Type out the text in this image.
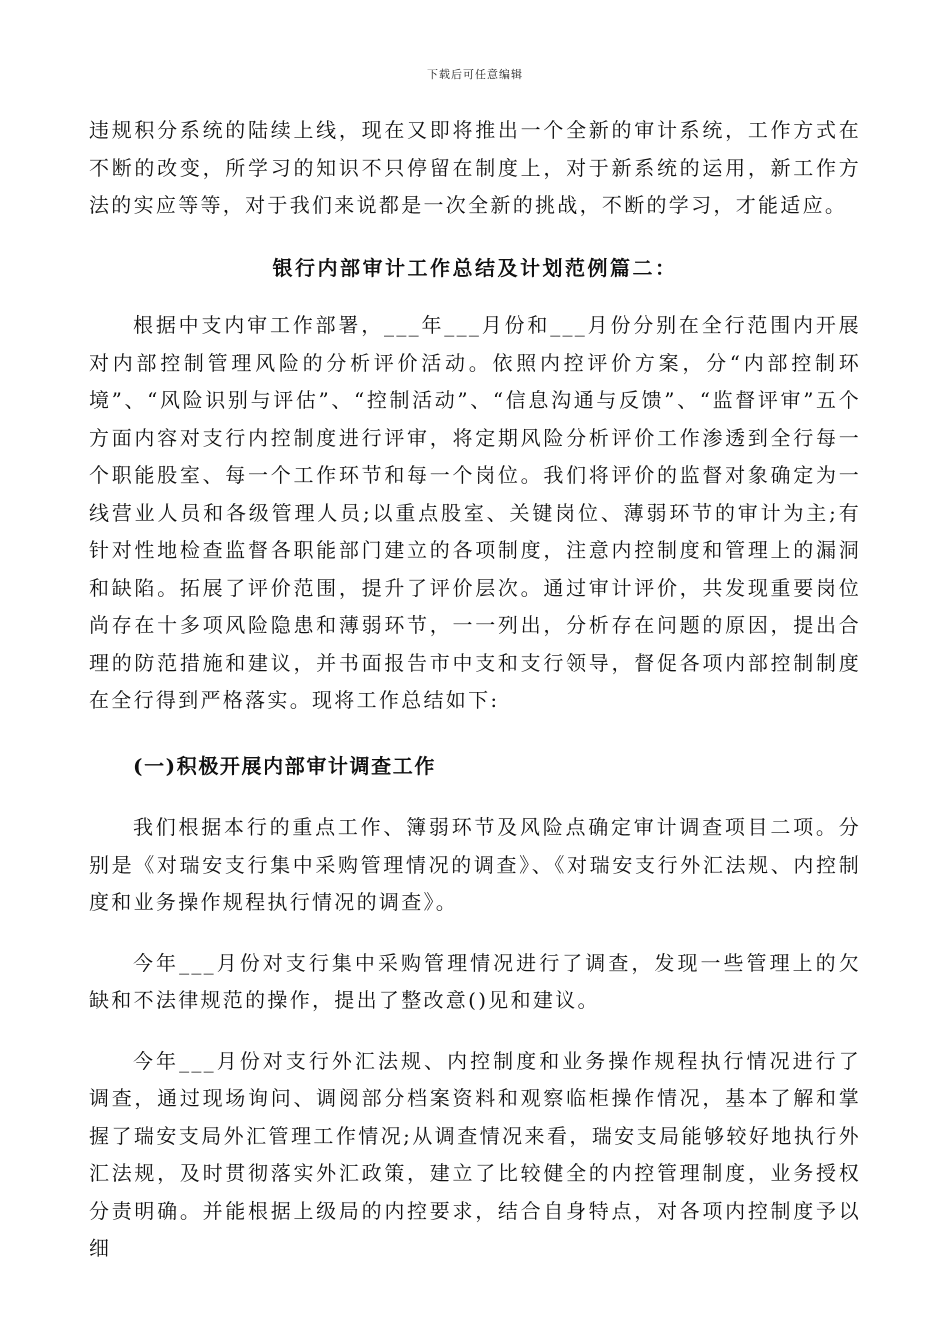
下载后可任意编辑

违规积分系统的陆续上线，现在又即将推出一个全新的审计系统，工作方式在不断的改变，所学习的知识不只停留在制度上，对于新系统的运用，新工作方法的实应等等，对于我们来说都是一次全新的挑战，不断的学习，才能适应。

银行内部审计工作总结及计划范例篇二：

根据中支内审工作部署，___年___月份和___月份分别在全行范围内开展对内部控制管理风险的分析评价活动。依照内控评价方案，分“内部控制环境”、“风险识别与评估”、“控制活动”、“信息沟通与反馈”、“监督评审”五个方面内容对支行内控制度进行评审，将定期风险分析评价工作渗透到全行每一个职能股室、每一个工作环节和每一个岗位。我们将评价的监督对象确定为一线营业人员和各级管理人员;以重点股室、关键岗位、薄弱环节的审计为主;有针对性地检查监督各职能部门建立的各项制度，注意内控制度和管理上的漏洞和缺陷。拓展了评价范围，提升了评价层次。通过审计评价，共发现重要岗位尚存在十多项风险隐患和薄弱环节，一一列出，分析存在问题的原因，提出合理的防范措施和建议，并书面报告市中支和支行领导，督促各项内部控制制度在全行得到严格落实。现将工作总结如下:

(一)积极开展内部审计调查工作

我们根据本行的重点工作、簿弱环节及风险点确定审计调查项目二项。分别是《对瑞安支行集中采购管理情况的调查》、《对瑞安支行外汇法规、内控制度和业务操作规程执行情况的调查》。

今年___月份对支行集中采购管理情况进行了调查，发现一些管理上的欠缺和不法律规范的操作，提出了整改意()见和建议。

今年___月份对支行外汇法规、内控制度和业务操作规程执行情况进行了调查，通过现场询问、调阅部分档案资料和观察临柜操作情况，基本了解和掌握了瑞安支局外汇管理工作情况;从调查情况来看，瑞安支局能够较好地执行外汇法规，及时贯彻落实外汇政策，建立了比较健全的内控管理制度，业务授权分责明确。并能根据上级局的内控要求，结合自身特点，对各项内控制度予以细
